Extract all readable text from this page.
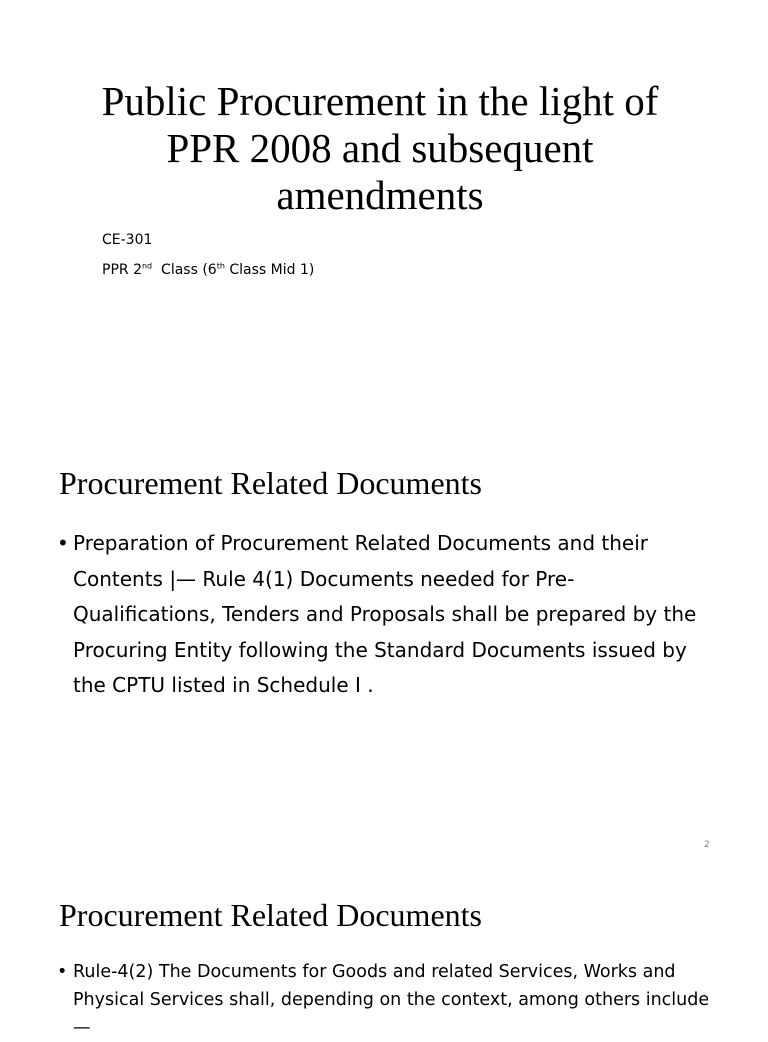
Public Procurement in the light of PPR 2008 and subsequent amendments
CE-301
PPR 2nd  Class (6th Class Mid 1)
Procurement Related Documents

• Preparation of Procurement Related Documents and their Contents |— Rule 4(1) Documents needed for Pre-Qualifications, Tenders and Proposals shall be prepared by the Procuring Entity following the Standard Documents issued by the CPTU listed in Schedule I .

2
Procurement Related Documents

• Rule-4(2) The Documents for Goods and related Services, Works and Physical Services shall, depending on the context, among others include—
